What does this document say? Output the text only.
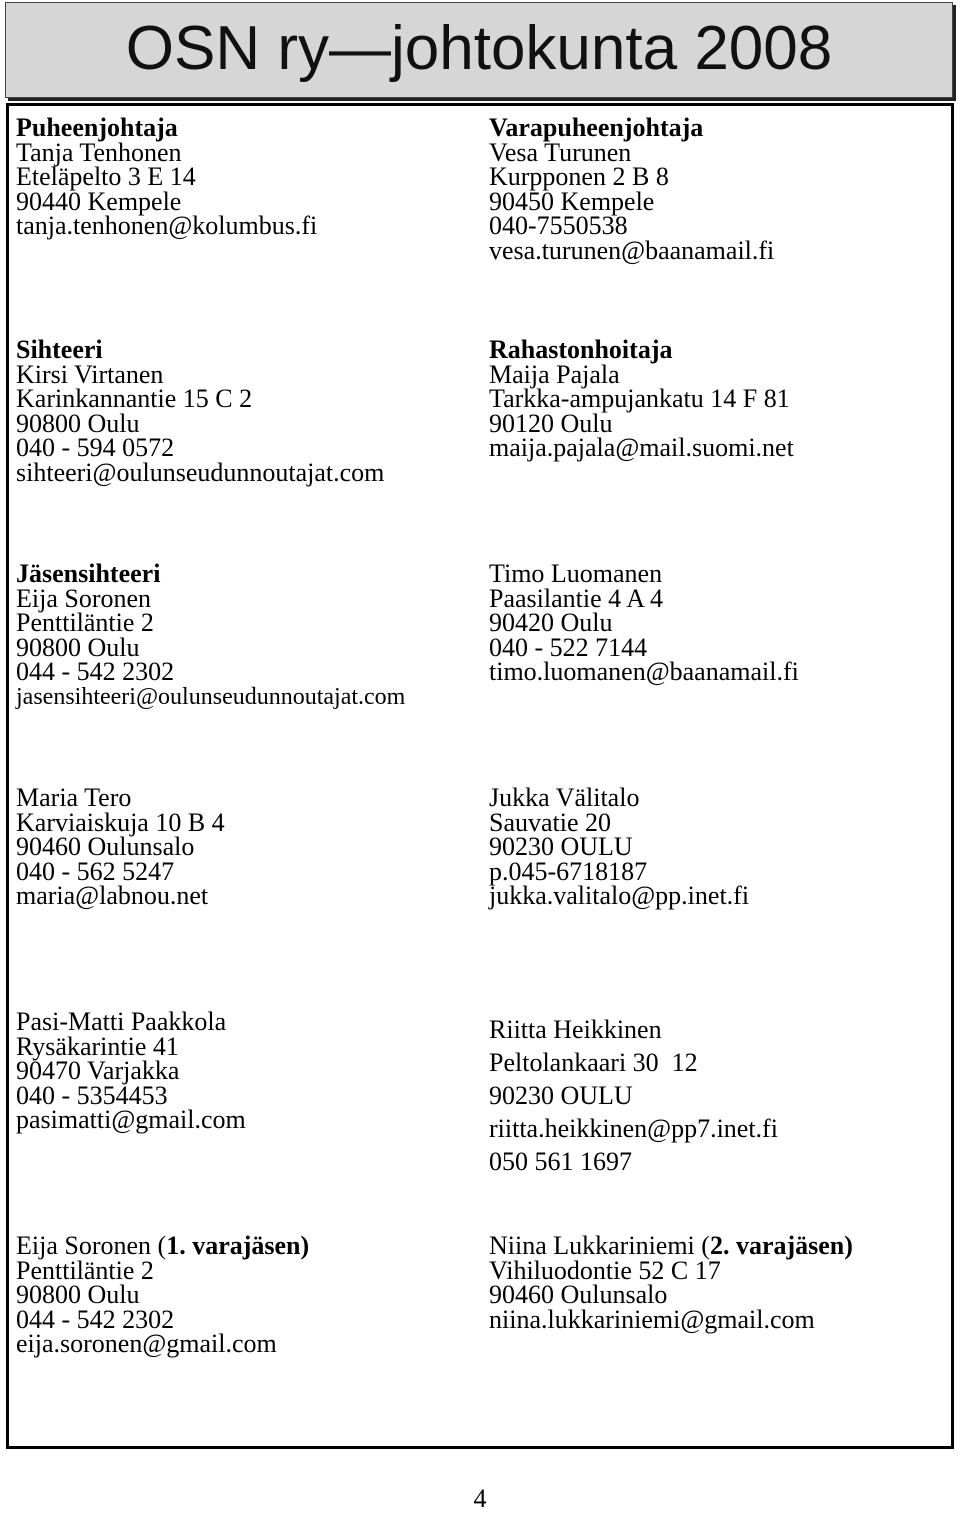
OSN ry—johtokunta 2008
Puheenjohtaja
Tanja Tenhonen
Eteläpelto 3 E 14
90440 Kempele
tanja.tenhonen@kolumbus.fi
Varapuheenjohtaja
Vesa Turunen
Kurpponen 2 B 8
90450 Kempele
040-7550538
vesa.turunen@baanamail.fi
Sihteeri
Kirsi Virtanen
Karinkannantie 15 C 2
90800 Oulu
040 - 594 0572
sihteeri@oulunseudunnoutajat.com
Rahastonhoitaja
Maija Pajala
Tarkka-ampujankatu 14 F 81
90120 Oulu
maija.pajala@mail.suomi.net
Jäsensihteeri
Eija Soronen
Penttiläntie 2
90800 Oulu
044 - 542 2302
jasensihteeri@oulunseudunnoutajat.com
Timo Luomanen
Paasilantie 4 A 4
90420 Oulu
040 - 522 7144
timo.luomanen@baanamail.fi
Maria Tero
Karviaiskuja 10 B 4
90460 Oulunsalo
040 - 562 5247
maria@labnou.net
Jukka Välitalo
Sauvatie 20
90230 OULU
p.045-6718187
jukka.valitalo@pp.inet.fi
Pasi-Matti Paakkola
Rysäkarintie 41
90470 Varjakka
040 - 5354453
pasimatti@gmail.com
Riitta Heikkinen
Peltolankaari 30  12
90230 OULU
riitta.heikkinen@pp7.inet.fi
050 561 1697
Eija Soronen (1. varajäsen)
Penttiläntie 2
90800 Oulu
044 - 542 2302
eija.soronen@gmail.com
Niina Lukkariniemi (2. varajäsen)
Vihiluodontie 52 C 17
90460 Oulunsalo
niina.lukkariniemi@gmail.com
4
